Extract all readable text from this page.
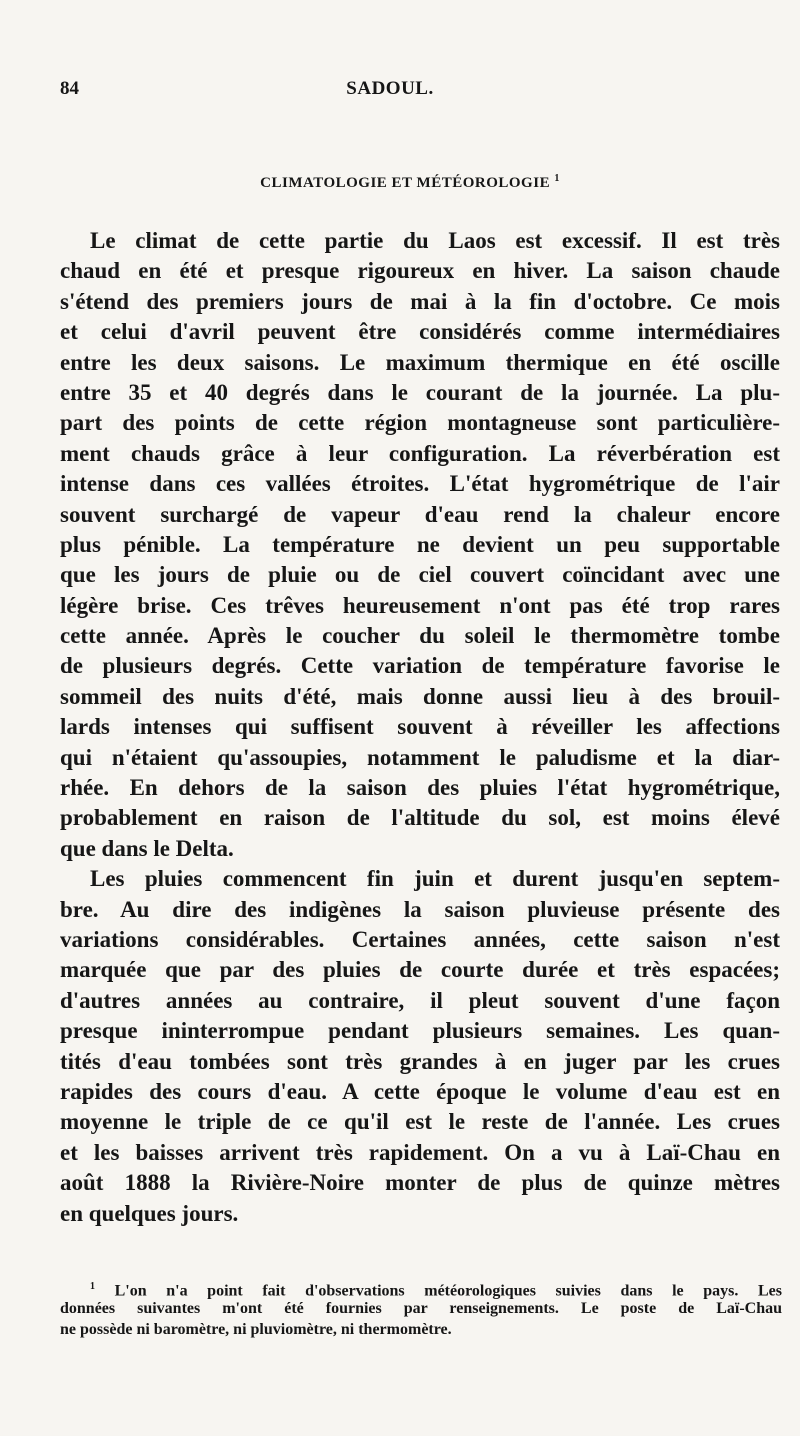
84	SADOUL.
CLIMATOLOGIE ET MÉTÉOROLOGIE $^1$
Le climat de cette partie du Laos est excessif. Il est très
chaud en été et presque rigoureux en hiver. La saison chaude
s'étend des premiers jours de mai à la fin d'octobre. Ce mois
et celui d'avril peuvent être considérés comme intermédiaires
entre les deux saisons. Le maximum thermique en été oscille
entre 35 et 40 degrés dans le courant de la journée. La plu-
part des points de cette région montagneuse sont particulière-
ment chauds grâce à leur configuration. La réverbération est
intense dans ces vallées étroites. L'état hygrométrique de l'air
souvent surchargé de vapeur d'eau rend la chaleur encore
plus pénible. La température ne devient un peu supportable
que les jours de pluie ou de ciel couvert coïncidant avec une
légère brise. Ces trêves heureusement n'ont pas été trop rares
cette année. Après le coucher du soleil le thermomètre tombe
de plusieurs degrés. Cette variation de température favorise le
sommeil des nuits d'été, mais donne aussi lieu à des brouil-
lards intenses qui suffisent souvent à réveiller les affections
qui n'étaient qu'assoupies, notamment le paludisme et la diar-
rhée. En dehors de la saison des pluies l'état hygrométrique,
probablement en raison de l'altitude du sol, est moins élevé
que dans le Delta.
Les pluies commencent fin juin et durent jusqu'en septem-
bre. Au dire des indigènes la saison pluvieuse présente des
variations considérables. Certaines années, cette saison n'est
marquée que par des pluies de courte durée et très espacées;
d'autres années au contraire, il pleut souvent d'une façon
presque ininterrompue pendant plusieurs semaines. Les quan-
tités d'eau tombées sont très grandes à en juger par les crues
rapides des cours d'eau. A cette époque le volume d'eau est en
moyenne le triple de ce qu'il est le reste de l'année. Les crues
et les baisses arrivent très rapidement. On a vu à Laï-Chau en
août 1888 la Rivière-Noire monter de plus de quinze mètres
en quelques jours.
$^1$ L'on n'a point fait d'observations météorologiques suivies dans le pays. Les
données suivantes m'ont été fournies par renseignements. Le poste de Laï-Chau
ne possède ni baromètre, ni pluviomètre, ni thermomètre.
